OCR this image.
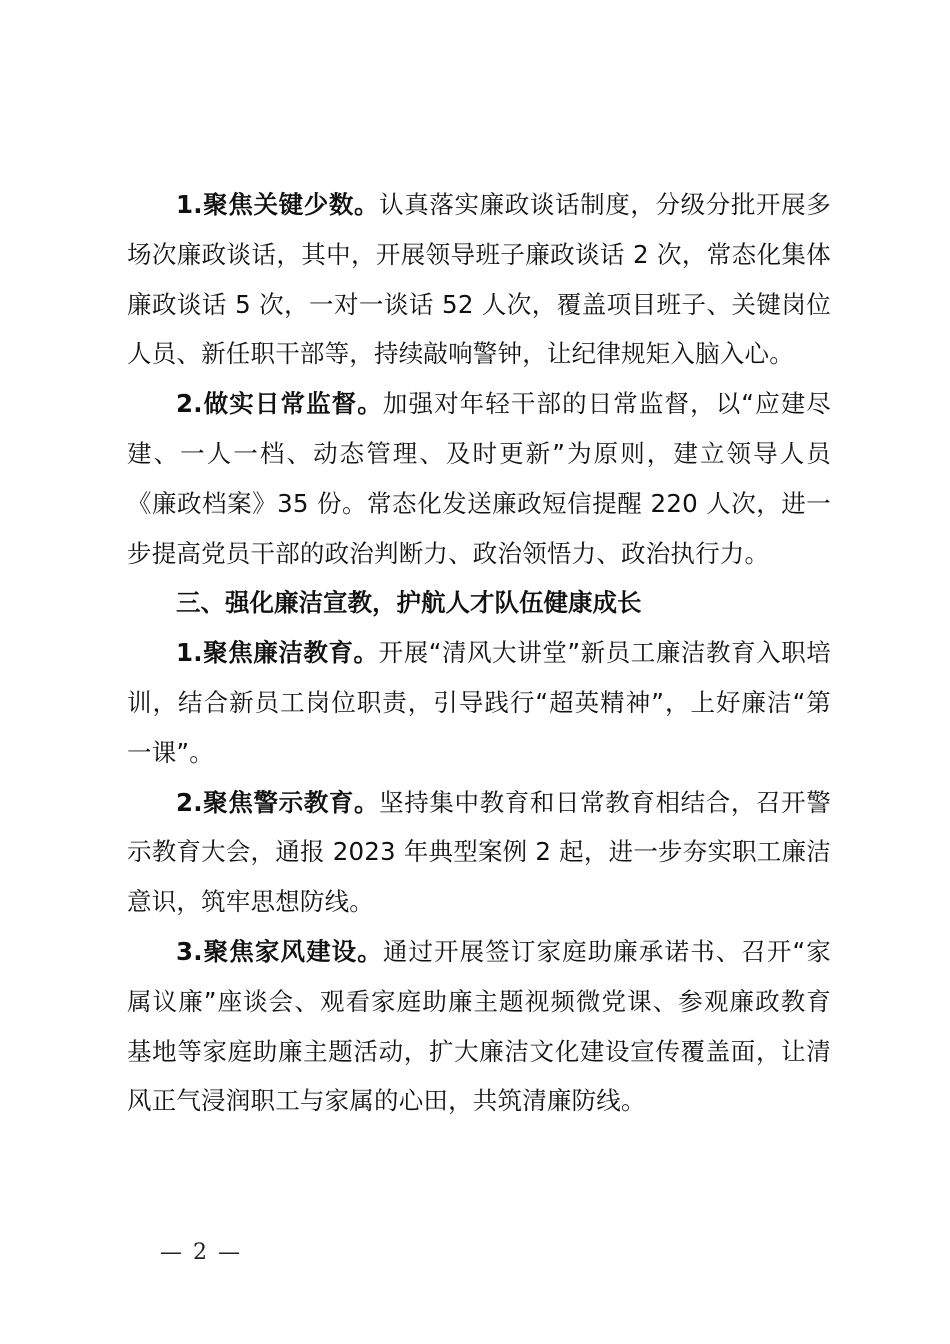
1.聚焦关键少数。认真落实廉政谈话制度，分级分批开展多场次廉政谈话，其中，开展领导班子廉政谈话 2 次，常态化集体廉政谈话 5 次，一对一谈话 52 人次，覆盖项目班子、关键岗位人员、新任职干部等，持续敲响警钟，让纪律规矩入脑入心。

2.做实日常监督。加强对年轻干部的日常监督，以“应建尽建、一人一档、动态管理、及时更新”为原则，建立领导人员《廉政档案》35 份。常态化发送廉政短信提醒 220 人次，进一步提高党员干部的政治判断力、政治领悟力、政治执行力。

三、强化廉洁宣教，护航人才队伍健康成长

1.聚焦廉洁教育。开展“清风大讲堂”新员工廉洁教育入职培训，结合新员工岗位职责，引导践行“超英精神”，上好廉洁“第一课”。

2.聚焦警示教育。坚持集中教育和日常教育相结合，召开警示教育大会，通报 2023 年典型案例 2 起，进一步夯实职工廉洁意识，筑牢思想防线。

3.聚焦家风建设。通过开展签订家庭助廉承诺书、召开“家属议廉”座谈会、观看家庭助廉主题视频微党课、参观廉政教育基地等家庭助廉主题活动，扩大廉洁文化建设宣传覆盖面，让清风正气浸润职工与家属的心田，共筑清廉防线。

— 2 —
